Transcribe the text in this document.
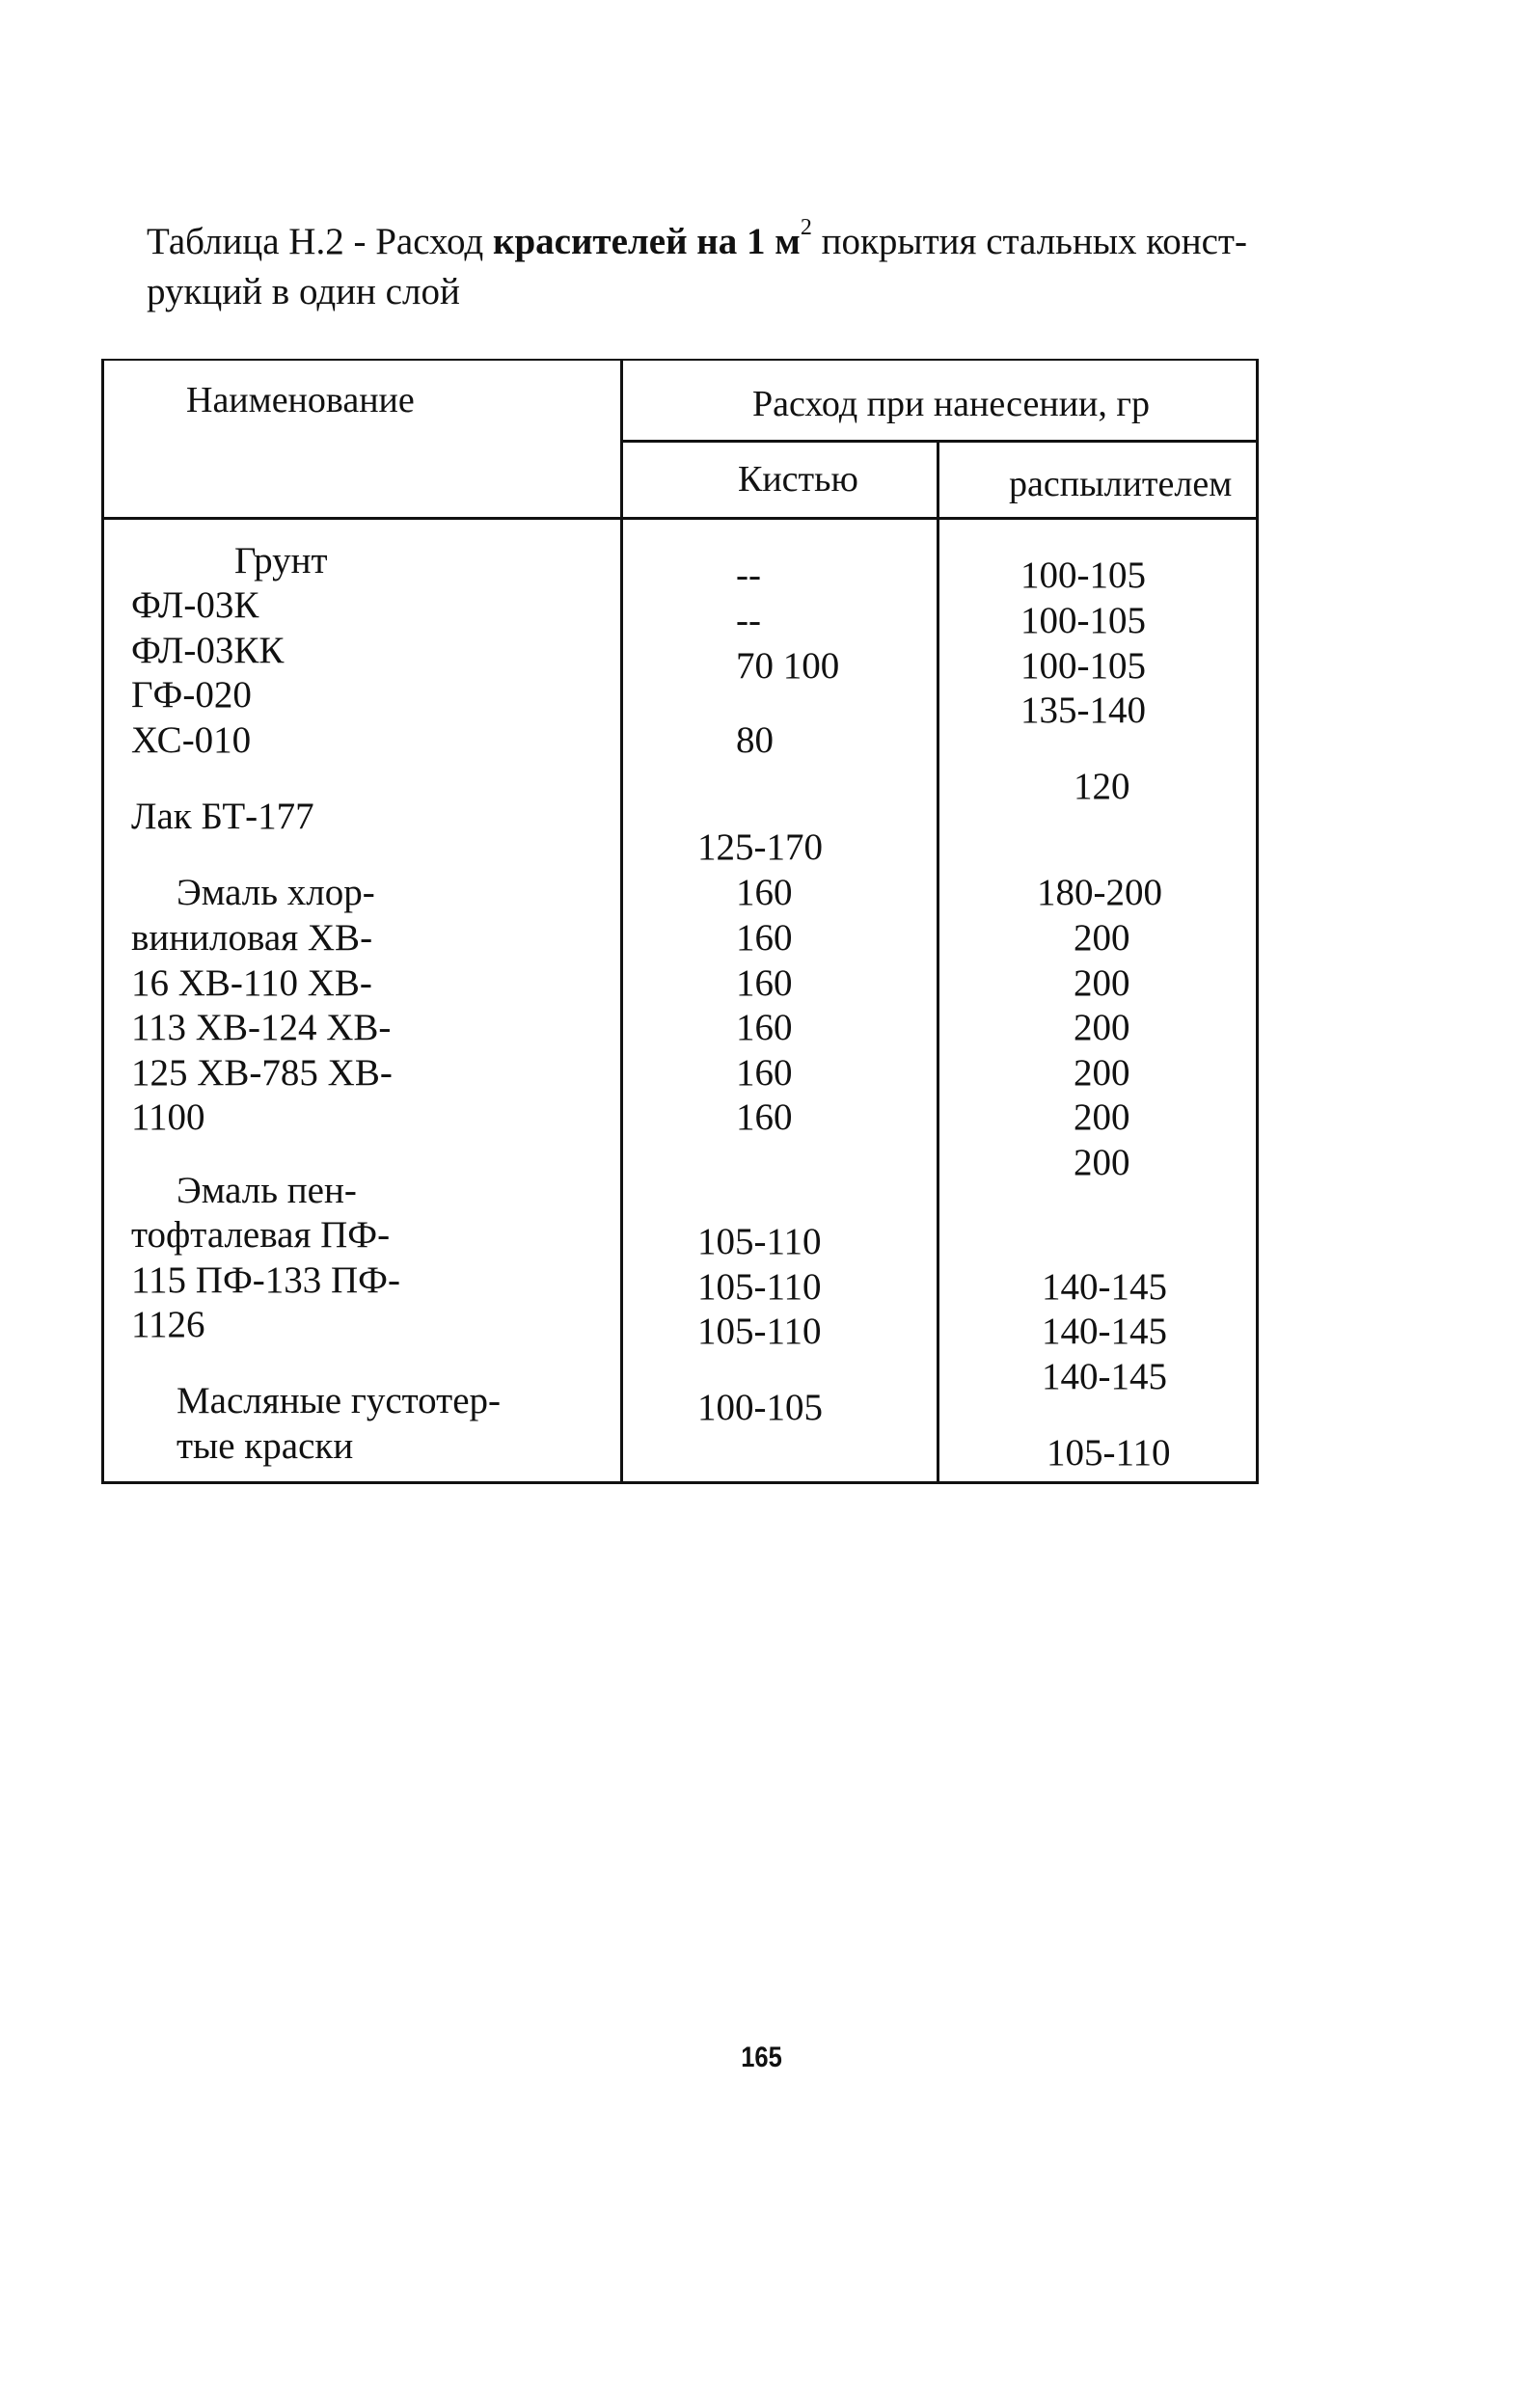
Таблица Н.2 - Расход красителей на 1 $м^2$ покрытия стальных конст-
рукций в один слой

Наименование	Расход при нанесении, гр
Кистью	распылителем
Грунт
ФЛ-03К
ФЛ-03КК
ГФ-020
ХС-010
Лак БТ-177
Эмаль хлор-
виниловая ХВ-
16 ХВ-110 ХВ-
113 ХВ-124 ХВ-
125 ХВ-785 ХВ-
1100
Эмаль пен-
тофталевая ПФ-
115 ПФ-133 ПФ-
1126
Масляные густотер-
тые краски
--
--
70 100
80
125-170
160
160
160
160
160
160
105-110
105-110
105-110
100-105
100-105
100-105
100-105
135-140
120
180-200
200
200
200
200
200
200
140-145
140-145
140-145
105-110
165
